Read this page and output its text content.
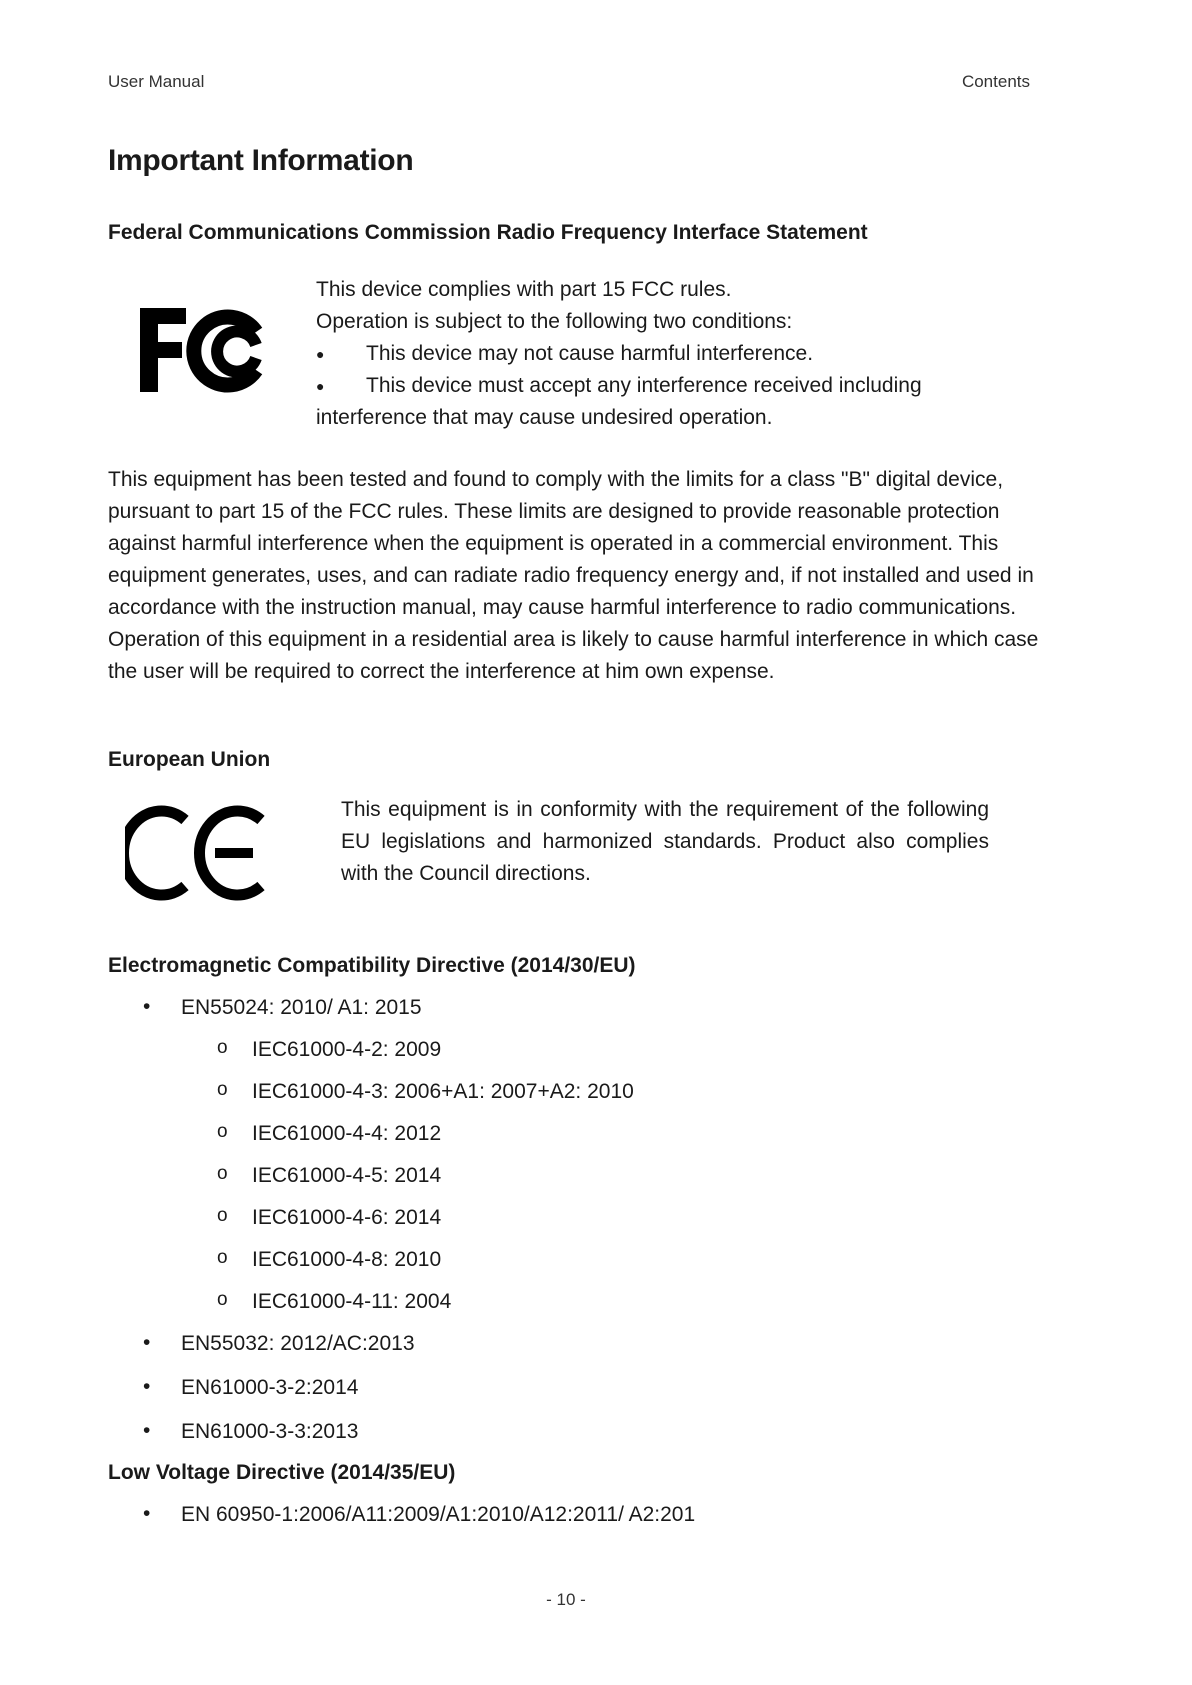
User Manual	Contents
Important Information
Federal Communications Commission Radio Frequency Interface Statement
This device complies with part 15 FCC rules.
Operation is subject to the following two conditions:
● This device may not cause harmful interference.
● This device must accept any interference received including
interference that may cause undesired operation.
This equipment has been tested and found to comply with the limits for a class "B" digital device, pursuant to part 15 of the FCC rules. These limits are designed to provide reasonable protection against harmful interference when the equipment is operated in a commercial environment. This equipment generates, uses, and can radiate radio frequency energy and, if not installed and used in accordance with the instruction manual, may cause harmful interference to radio communications. Operation of this equipment in a residential area is likely to cause harmful interference in which case the user will be required to correct the interference at him own expense.
European Union
This equipment is in conformity with the requirement of the following EU legislations and harmonized standards. Product also complies with the Council directions.
Electromagnetic Compatibility Directive (2014/30/EU)
• EN55024: 2010/ A1: 2015
o IEC61000-4-2: 2009
o IEC61000-4-3: 2006+A1: 2007+A2: 2010
o IEC61000-4-4: 2012
o IEC61000-4-5: 2014
o IEC61000-4-6: 2014
o IEC61000-4-8: 2010
o IEC61000-4-11: 2004
• EN55032: 2012/AC:2013
• EN61000-3-2:2014
• EN61000-3-3:2013
Low Voltage Directive (2014/35/EU)
• EN 60950-1:2006/A11:2009/A1:2010/A12:2011/ A2:201
- 10 -
